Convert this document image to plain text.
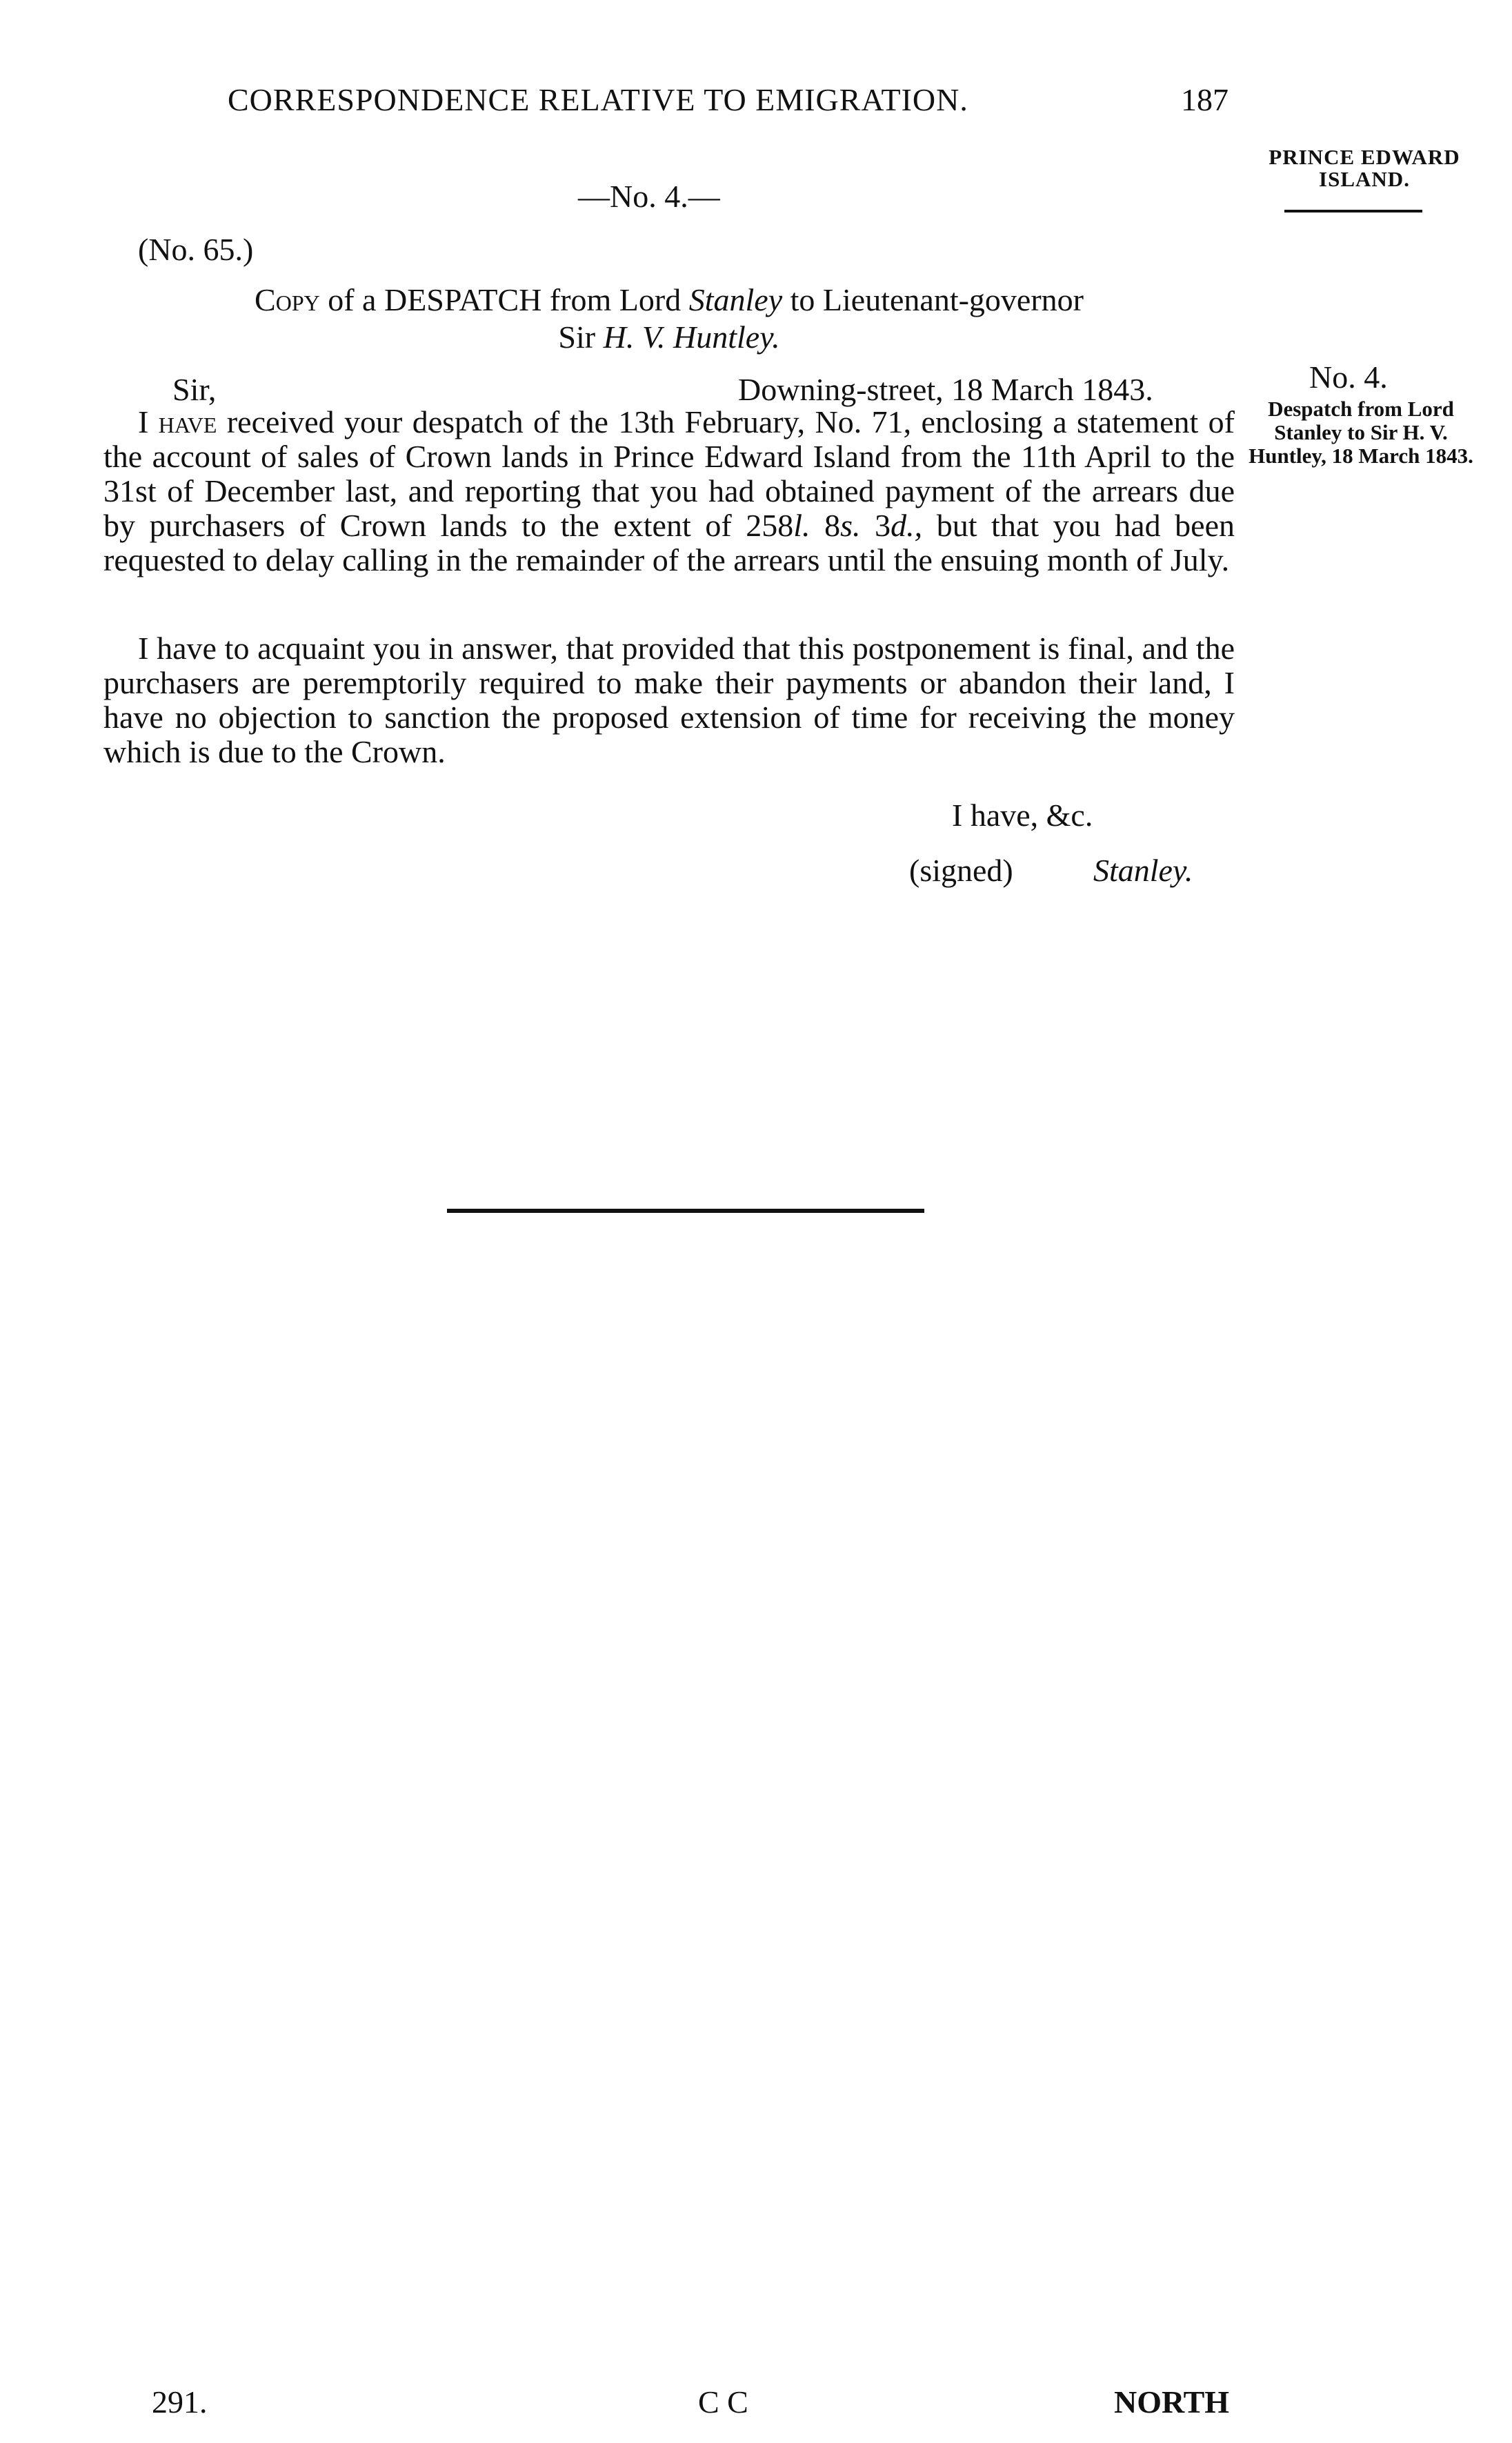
CORRESPONDENCE RELATIVE TO EMIGRATION.	187
PRINCE EDWARD ISLAND.
—No. 4.—
(No. 65.)
Copy of a DESPATCH from Lord Stanley to Lieutenant-governor
Sir H. V. Huntley.
Sir,	Downing-street, 18 March 1843.
I have received your despatch of the 13th February, No. 71, enclosing a statement of the account of sales of Crown lands in Prince Edward Island from the 11th April to the 31st of December last, and reporting that you had obtained payment of the arrears due by purchasers of Crown lands to the extent of 258l. 8s. 3d., but that you had been requested to delay calling in the remainder of the arrears until the ensuing month of July.
I have to acquaint you in answer, that provided that this postponement is final, and the purchasers are peremptorily required to make their payments or abandon their land, I have no objection to sanction the proposed extension of time for receiving the money which is due to the Crown.
No. 4.
Despatch from Lord Stanley to Sir H. V. Huntley, 18 March 1843.
I have, &c.
(signed)	Stanley.
291.	C C	NORTH
